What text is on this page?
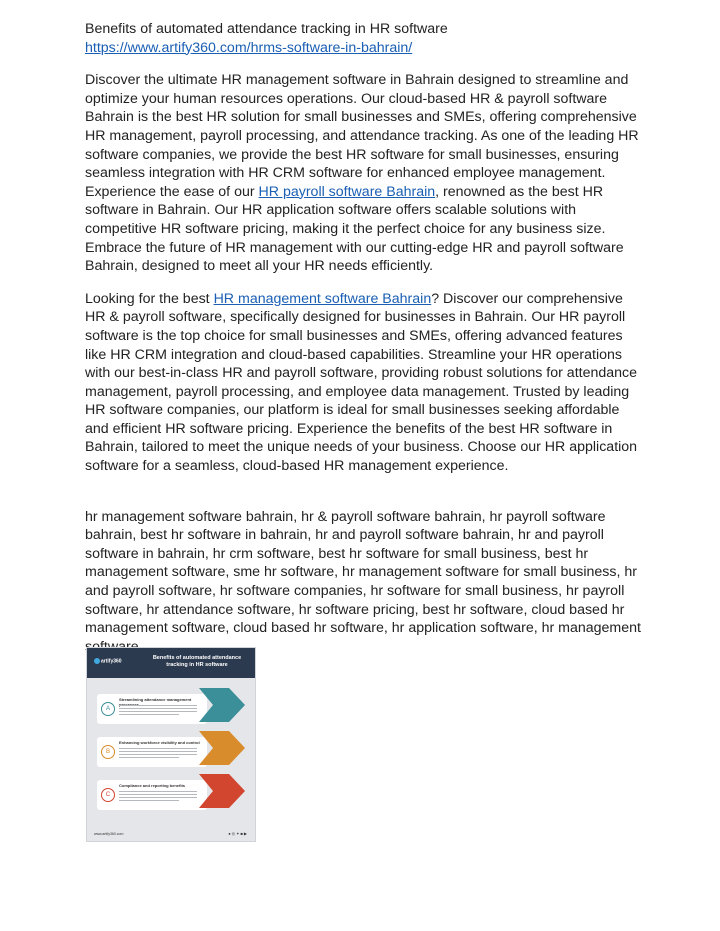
Benefits of automated attendance tracking in HR software

https://www.artify360.com/hrms-software-in-bahrain/

Discover the ultimate HR management software in Bahrain designed to streamline and optimize your human resources operations. Our cloud-based HR & payroll software Bahrain is the best HR solution for small businesses and SMEs, offering comprehensive HR management, payroll processing, and attendance tracking. As one of the leading HR software companies, we provide the best HR software for small businesses, ensuring seamless integration with HR CRM software for enhanced employee management. Experience the ease of our HR payroll software Bahrain, renowned as the best HR software in Bahrain. Our HR application software offers scalable solutions with competitive HR software pricing, making it the perfect choice for any business size. Embrace the future of HR management with our cutting-edge HR and payroll software Bahrain, designed to meet all your HR needs efficiently.

Looking for the best HR management software Bahrain? Discover our comprehensive HR & payroll software, specifically designed for businesses in Bahrain. Our HR payroll software is the top choice for small businesses and SMEs, offering advanced features like HR CRM integration and cloud-based capabilities. Streamline your HR operations with our best-in-class HR and payroll software, providing robust solutions for attendance management, payroll processing, and employee data management. Trusted by leading HR software companies, our platform is ideal for small businesses seeking affordable and efficient HR software pricing. Experience the benefits of the best HR software in Bahrain, tailored to meet the unique needs of your business. Choose our HR application software for a seamless, cloud-based HR management experience.

hr management software bahrain, hr & payroll software bahrain, hr payroll software bahrain, best hr software in bahrain, hr and payroll software bahrain, hr and payroll software in bahrain, hr crm software, best hr software for small business, best hr management software, sme hr software, hr management software for small business, hr and payroll software, hr software companies, hr software for small business, hr payroll software, hr attendance software, hr software pricing, best hr software, cloud based hr management software, cloud based hr software, hr application software, hr management

artify360
Benefits of automated attendance tracking in HR software
A
Streamlining attendance management
B
Enhancing workforce visibility and control
C
Compliance and reporting benefits
www.artify360.com	●◎✦■▶
